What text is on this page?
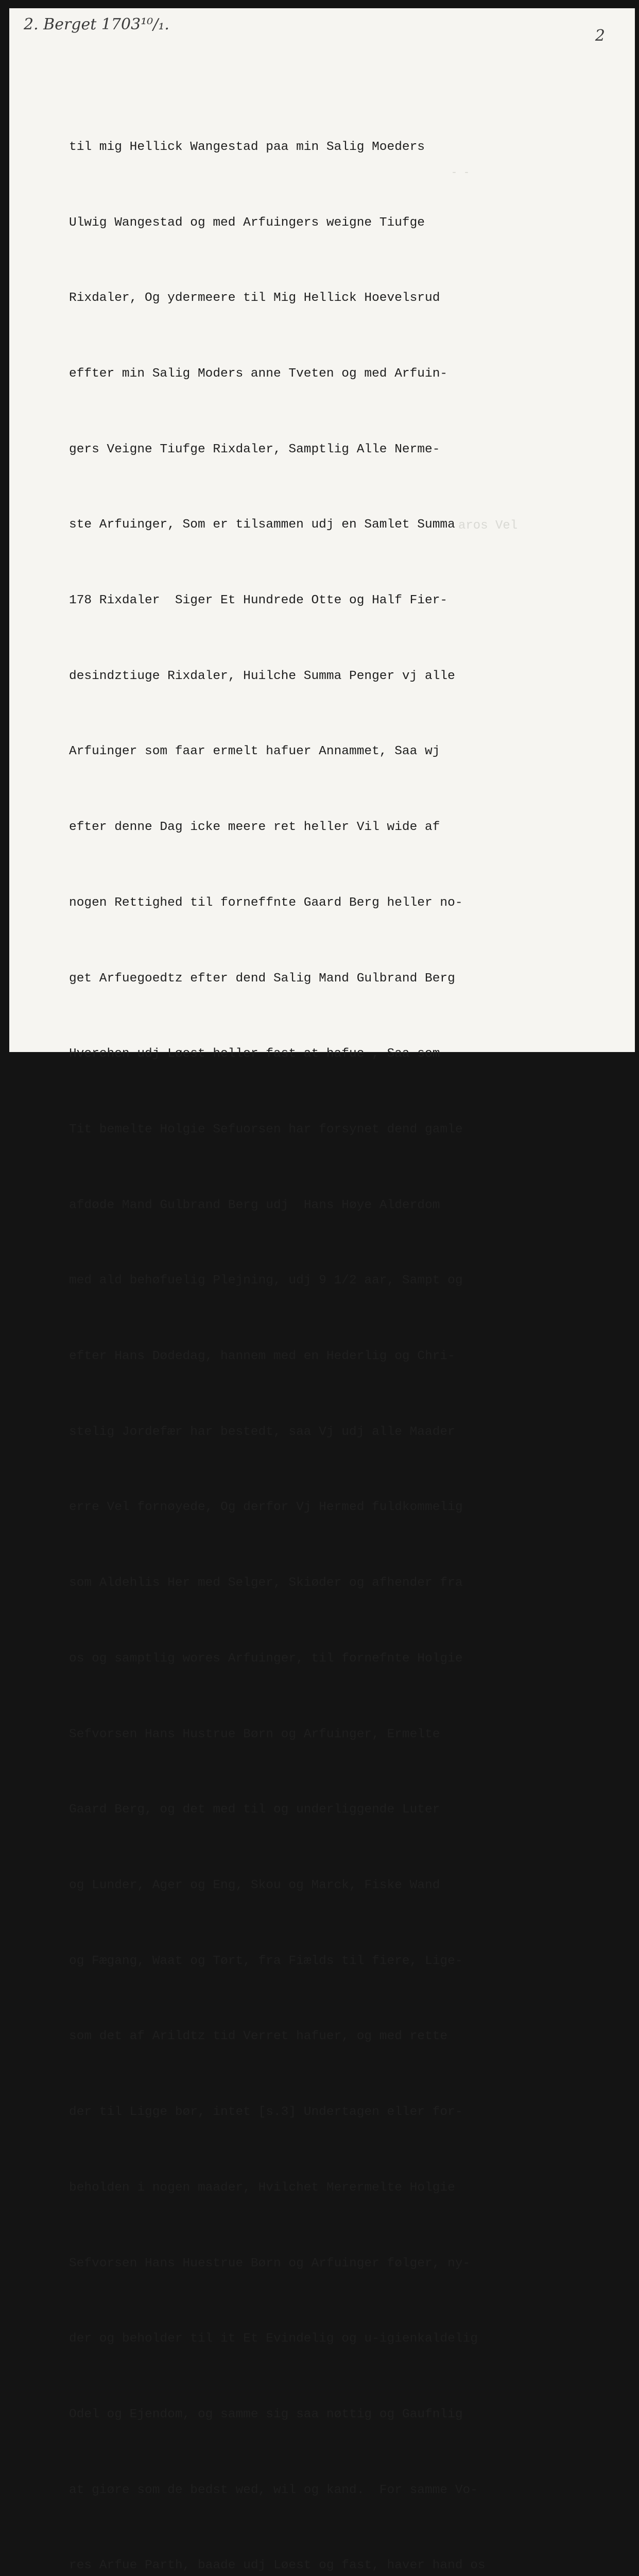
2. Berget 1703¹⁰/₁.
2

til mig Hellick Wangestad paa min Salig Moeders

Ulwig Wangestad og med Arfuingers weigne Tiufge

Rixdaler, Og ydermeere til Mig Hellick Hoevelsrud

effter min Salig Moders anne Tveten og med Arfuin-

gers Veigne Tiufge Rixdaler, Samptlig Alle Nerme-

ste Arfuinger, Som er tilsammen udj en Samlet Summa

178 Rixdaler  Siger Et Hundrede Otte og Half Fier-

desindztiuge Rixdaler, Huilche Summa Penger vj alle

Arfuinger som faar ermelt hafuer Annammet, Saa wj

efter denne Dag icke meere ret heller Vil wide af

nogen Rettighed til forneffnte Gaard Berg heller no-

get Arfuegoedtz efter dend Salig Mand Gulbrand Berg

Hverchen udj Løest heller fast at hafue , Saa som

Tit bemelte Holgie Sefuorsen har forsynet dend gamle

afdøde Mand Gulbrand Berg udj  Hans Høye Alderdom

med ald behøfuelig Plejning, udj 9 1/2 aar, Sampt og

efter Hans Dødedag, hannem med en Hederlig og Chri-

stelig Jordefær har bestedt, saa Vj udj alle Maader

erre Vel fornøyede, Og derfor Vj Hermed fuldkommelig

som Aldehlis Her med Selger, Skiøder og afhender fra

os og samptlig wores Arfuinger, til fornefnte Holgie

Sefvorsen Hans Hustrue Børn og Arfuinger, Ermelte

Gaard Berg, og det med til og underliggende Luter

og Lunder, Ager og Eng, Skou og Marck, Fiske Wand

og Fægang, Waat og Tørt, fra Fiælds til fiere, Lige-

som det af Arildtz tid Verret hafuer, og med rette

der til Ligge bør, intet [s.3] Undertagen eller for-

beholden i nogen maader, Hvilchet Merermelte Holgie

Sefvorsen Hans Huestrue Børn og Arfuinger følger, ny-

der og beholder til it Et Evindelig og u-igienkaldelig

Odel og Ejendom, og samme sig saa nøttig og Gaufnlig

at giøre som de bedst wed, wil og kand.  For samme Vo-

res Arfue Parth, baade udj Løest og fast, haver hand os

aros Vel
- -
